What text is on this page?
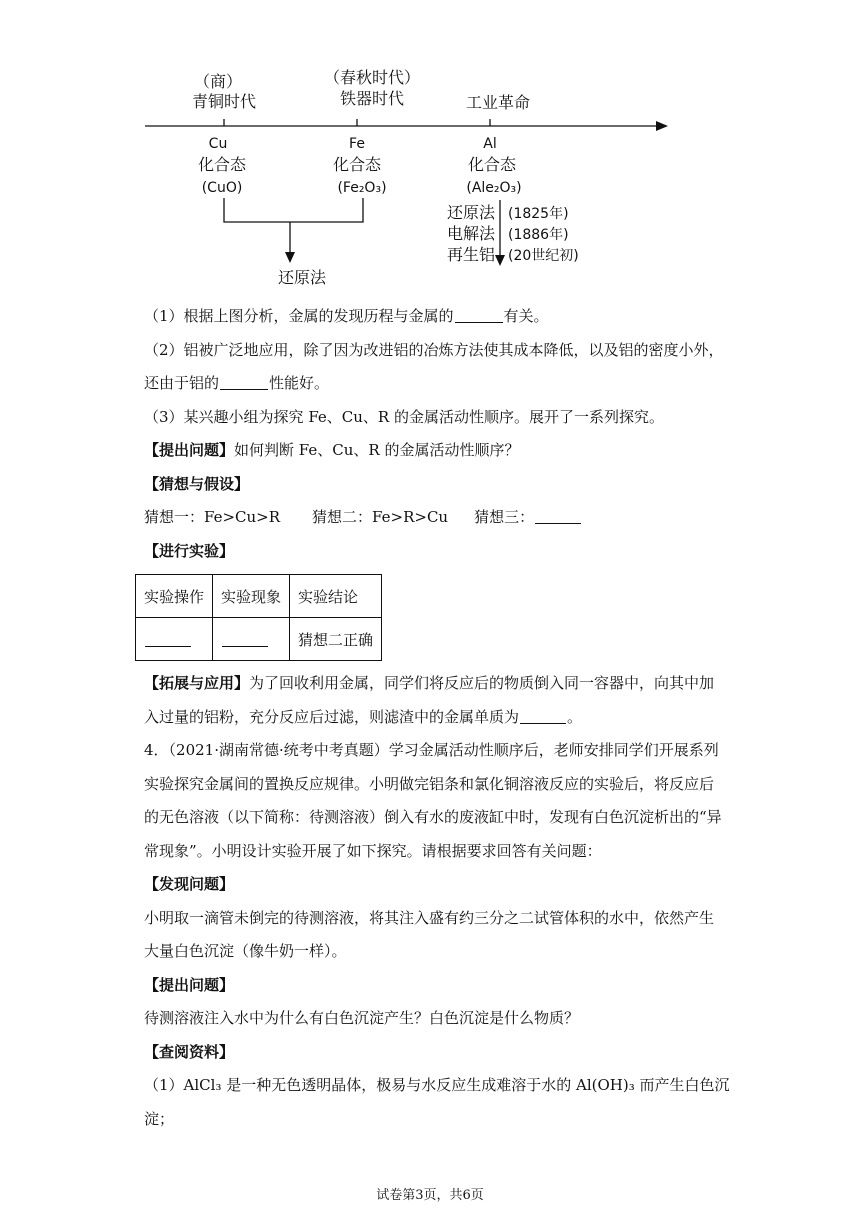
（商）
青铜时代
（春秋时代）
铁器时代	工业革命
Cu
化合态
(CuO)
Fe
化合态
(Fe₂O₃)
Al
化合态
(Ale₂O₃)
还原法
还原法 (1825年)
电解法 (1886年)
再生铝 (20世纪初)

（1）根据上图分析，金属的发现历程与金属的	有关。

（2）铝被广泛地应用，除了因为改进铝的冶炼方法使其成本降低，以及铝的密度小外，

还由于铝的	性能好。

（3）某兴趣小组为探究 Fe、Cu、R 的金属活动性顺序。展开了一系列探究。

【提出问题】如何判断 Fe、Cu、R 的金属活动性顺序？

【猜想与假设】

猜想一：Fe>Cu>R 猜想二：Fe>R>Cu 猜想三：

【进行实验】

实验操作	实验现象	实验结论
		猜想二正确

【拓展与应用】为了回收利用金属，同学们将反应后的物质倒入同一容器中，向其中加

入过量的铝粉，充分反应后过滤，则滤渣中的金属单质为	。

4．（2021·湖南常德·统考中考真题）学习金属活动性顺序后，老师安排同学们开展系列

实验探究金属间的置换反应规律。小明做完铝条和氯化铜溶液反应的实验后，将反应后

的无色溶液（以下简称：待测溶液）倒入有水的废液缸中时，发现有白色沉淀析出的“异

常现象”。小明设计实验开展了如下探究。请根据要求回答有关问题：

【发现问题】

小明取一滴管未倒完的待测溶液，将其注入盛有约三分之二试管体积的水中，依然产生

大量白色沉淀（像牛奶一样）。

【提出问题】

待测溶液注入水中为什么有白色沉淀产生？白色沉淀是什么物质？

【查阅资料】

（1）AlCl₃ 是一种无色透明晶体，极易与水反应生成难溶于水的 Al(OH)₃ 而产生白色沉

淀；

试卷第3页，共6页
